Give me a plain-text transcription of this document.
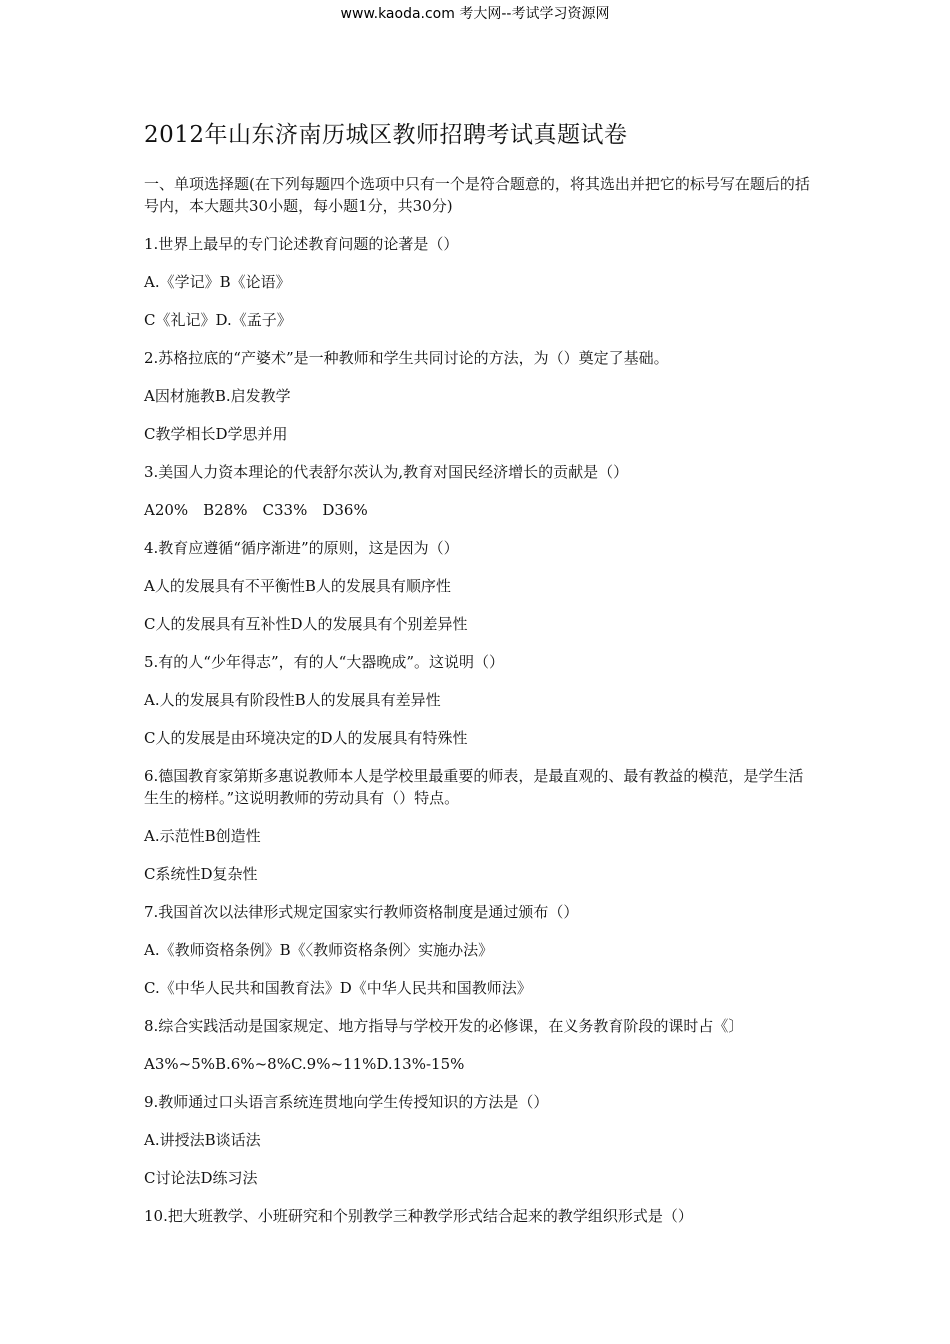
www.kaoda.com 考大网--考试学习资源网
2012年山东济南历城区教师招聘考试真题试卷
一、单项选择题(在下列每题四个选项中只有一个是符合题意的，将其选出并把它的标号写在题后的括号内，本大题共30小题，每小题1分，共30分)
1.世界上最早的专门论述教育问题的论著是（）
A.《学记》B《论语》
C《礼记》D.《孟子》
2.苏格拉底的“产婆术”是一种教师和学生共同讨论的方法，为（）奠定了基础。
A因材施教B.启发教学
C教学相长D学思并用
3.美国人力资本理论的代表舒尔茨认为,教育对国民经济增长的贡献是（）
A20%　B28%　C33%　D36%
4.教育应遵循“循序渐进”的原则，这是因为（）
A人的发展具有不平衡性B人的发展具有顺序性
C人的发展具有互补性D人的发展具有个别差异性
5.有的人“少年得志”，有的人“大器晚成”。这说明（）
A.人的发展具有阶段性B人的发展具有差异性
C人的发展是由环境决定的D人的发展具有特殊性
6.德国教育家第斯多惠说教师本人是学校里最重要的师表，是最直观的、最有教益的模范，是学生活生生的榜样。”这说明教师的劳动具有（）特点。
A.示范性B创造性
C系统性D复杂性
7.我国首次以法律形式规定国家实行教师资格制度是通过颁布（）
A.《教师资格条例》B《〈教师资格条例〉实施办法》
C.《中华人民共和国教育法》D《中华人民共和国教师法》
8.综合实践活动是国家规定、地方指导与学校开发的必修课，在义务教育阶段的课时占《〕
A3%~5%B.6%~8%C.9%~11%D.13%-15%
9.教师通过口头语言系统连贯地向学生传授知识的方法是（）
A.讲授法B谈话法
C讨论法D练习法
10.把大班教学、小班研究和个别教学三种教学形式结合起来的教学组织形式是（）
